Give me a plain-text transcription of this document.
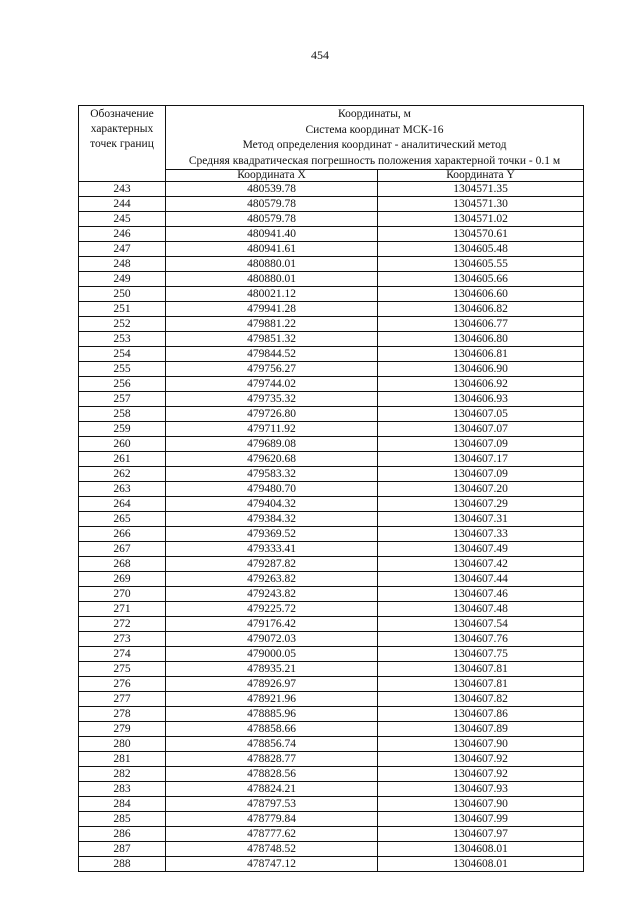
454
Обозначение характерных точек границ	Координаты, м
Система координат МСК-16
Метод определения координат - аналитический метод
Средняя квадратическая погрешность положения характерной точки - 0.1 м	

	Координата X	Координата Y
243	480539.78	1304571.35
244	480579.78	1304571.30
245	480579.78	1304571.02
246	480941.40	1304570.61
247	480941.61	1304605.48
248	480880.01	1304605.55
249	480880.01	1304605.66
250	480021.12	1304606.60
251	479941.28	1304606.82
252	479881.22	1304606.77
253	479851.32	1304606.80
254	479844.52	1304606.81
255	479756.27	1304606.90
256	479744.02	1304606.92
257	479735.32	1304606.93
258	479726.80	1304607.05
259	479711.92	1304607.07
260	479689.08	1304607.09
261	479620.68	1304607.17
262	479583.32	1304607.09
263	479480.70	1304607.20
264	479404.32	1304607.29
265	479384.32	1304607.31
266	479369.52	1304607.33
267	479333.41	1304607.49
268	479287.82	1304607.42
269	479263.82	1304607.44
270	479243.82	1304607.46
271	479225.72	1304607.48
272	479176.42	1304607.54
273	479072.03	1304607.76
274	479000.05	1304607.75
275	478935.21	1304607.81
276	478926.97	1304607.81
277	478921.96	1304607.82
278	478885.96	1304607.86
279	478858.66	1304607.89
280	478856.74	1304607.90
281	478828.77	1304607.92
282	478828.56	1304607.92
283	478824.21	1304607.93
284	478797.53	1304607.90
285	478779.84	1304607.99
286	478777.62	1304607.97
287	478748.52	1304608.01
288	478747.12	1304608.01
